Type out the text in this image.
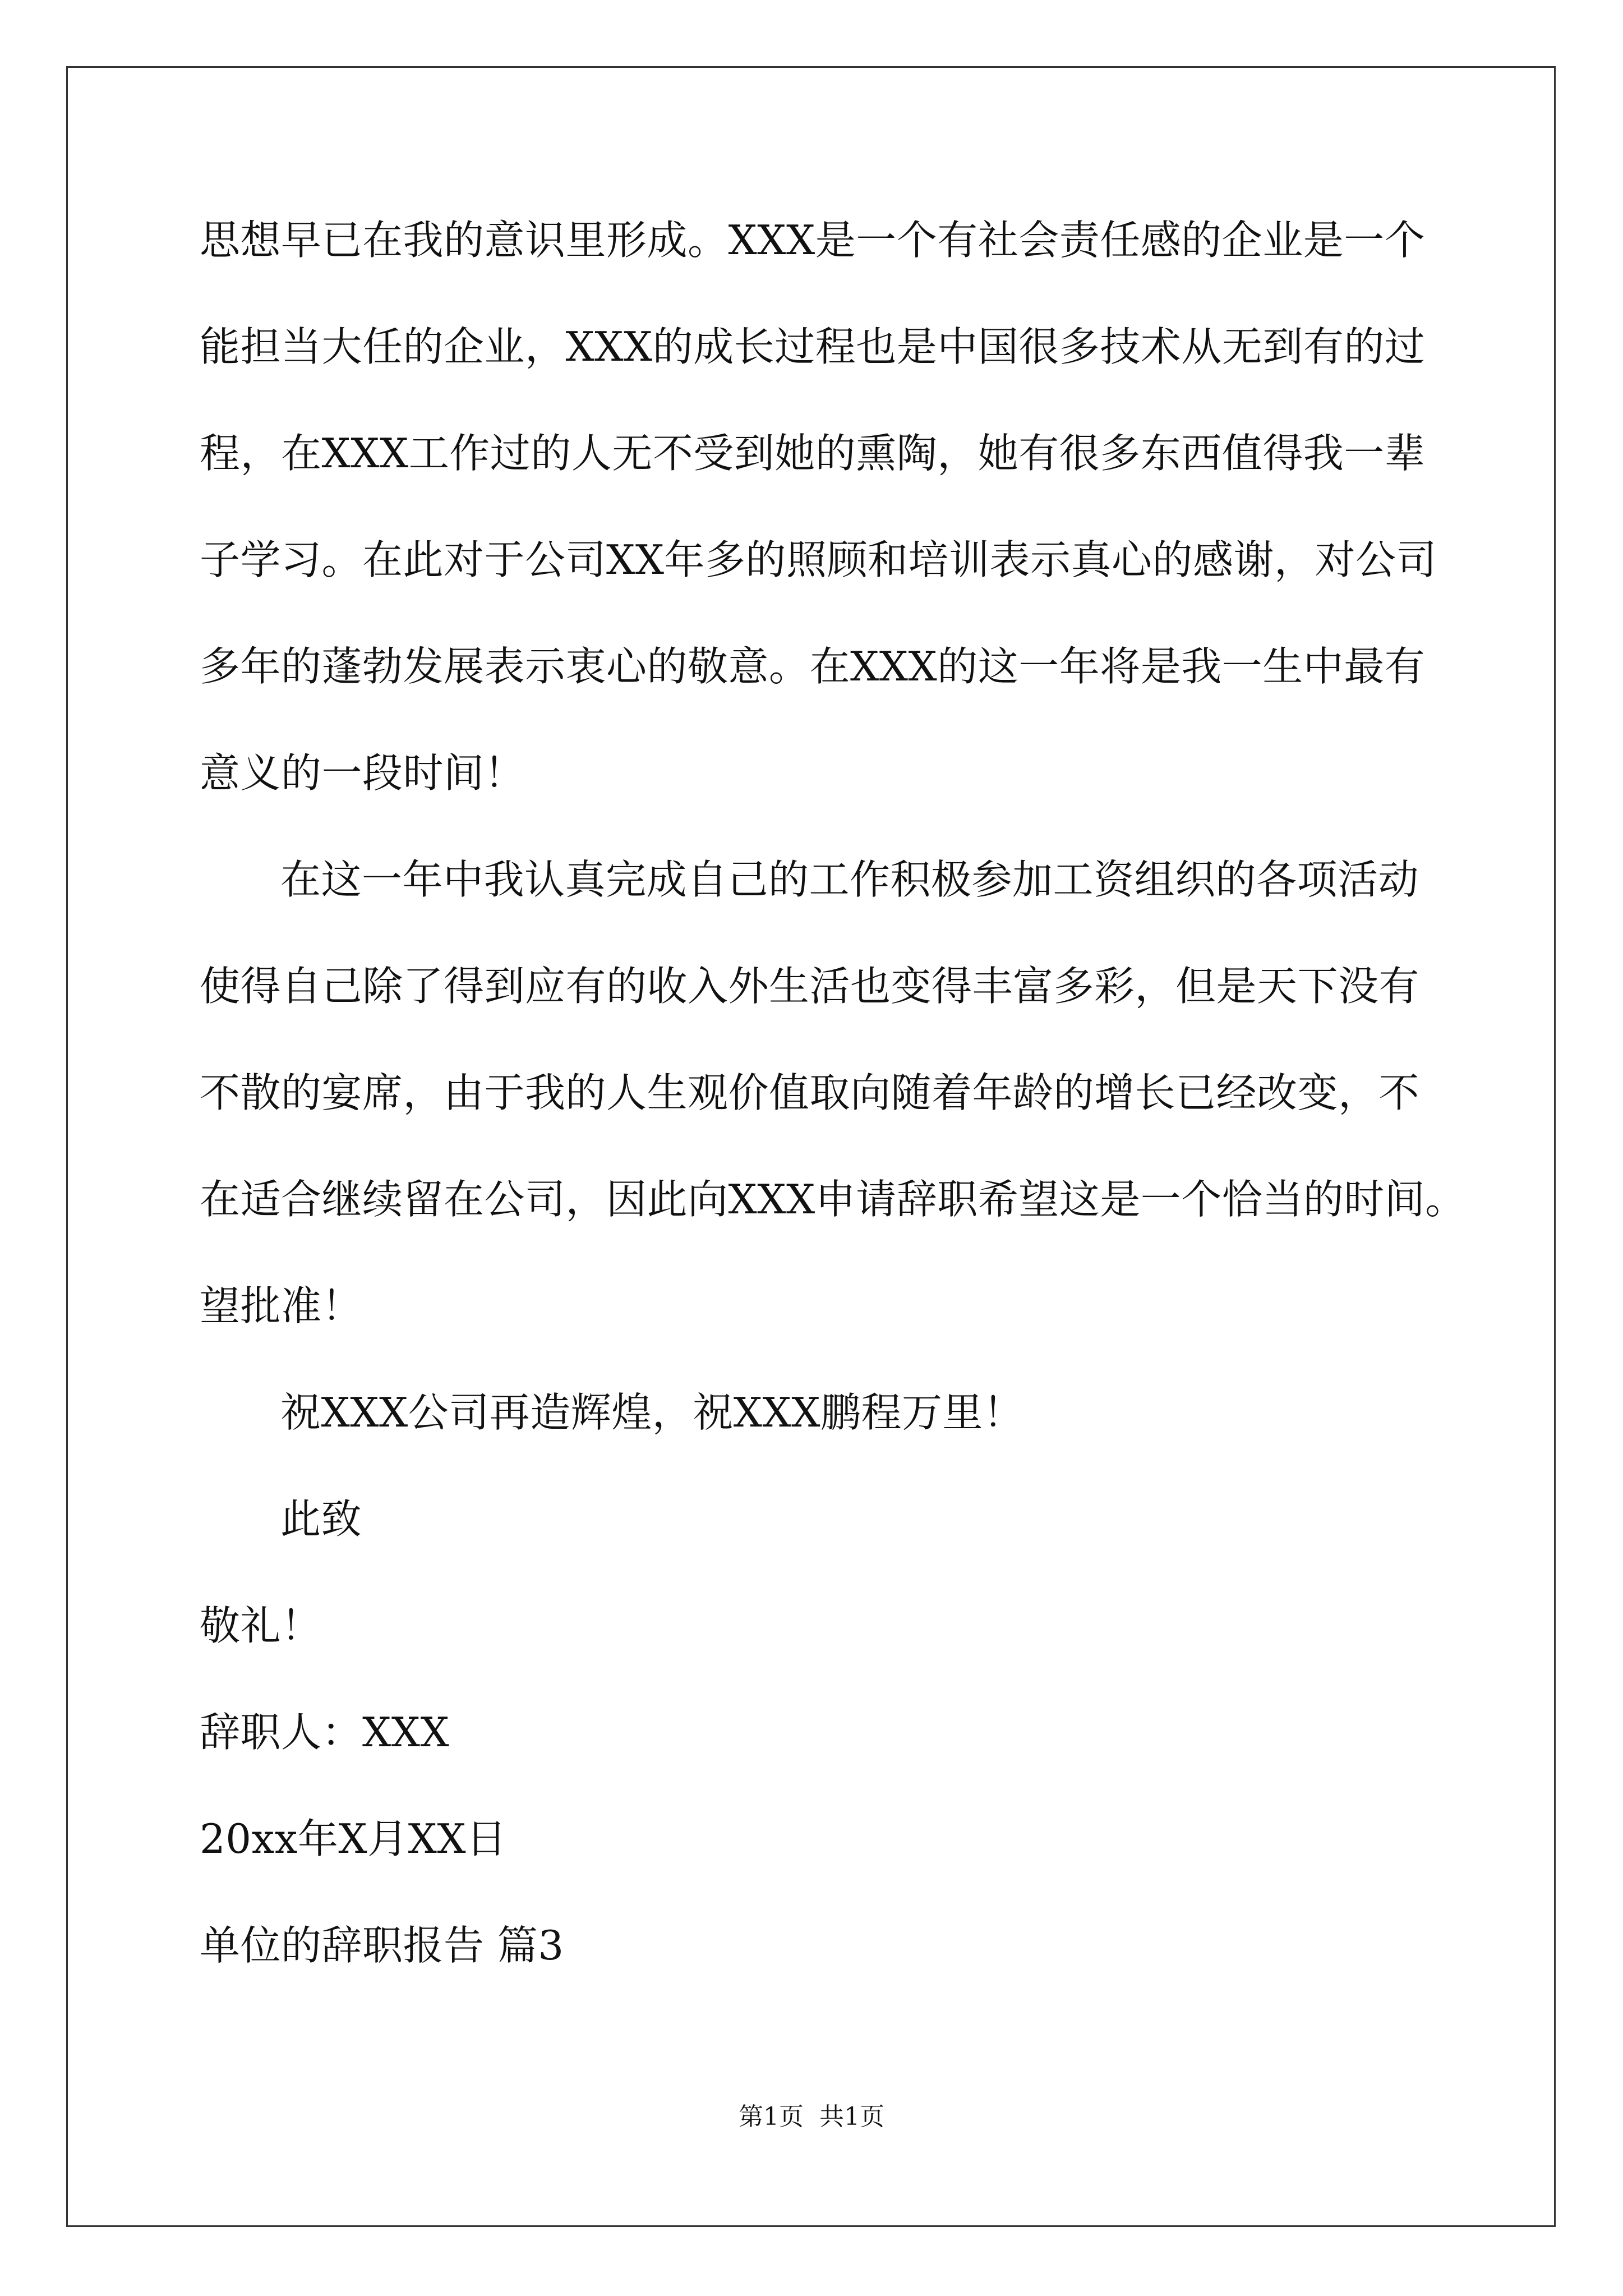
思想早已在我的意识里形成。XXX是一个有社会责任感的企业是一个
能担当大任的企业，XXX的成长过程也是中国很多技术从无到有的过
程，在XXX工作过的人无不受到她的熏陶，她有很多东西值得我一辈
子学习。在此对于公司XX年多的照顾和培训表示真心的感谢，对公司
多年的蓬勃发展表示衷心的敬意。在XXX的这一年将是我一生中最有
意义的一段时间！
在这一年中我认真完成自己的工作积极参加工资组织的各项活动
使得自己除了得到应有的收入外生活也变得丰富多彩，但是天下没有
不散的宴席，由于我的人生观价值取向随着年龄的增长已经改变，不
在适合继续留在公司，因此向XXX申请辞职希望这是一个恰当的时间。
望批准！
祝XXX公司再造辉煌，祝XXX鹏程万里！
此致
敬礼！
辞职人：XXX
20xx年X月XX日
单位的辞职报告 篇3
第1页  共1页
